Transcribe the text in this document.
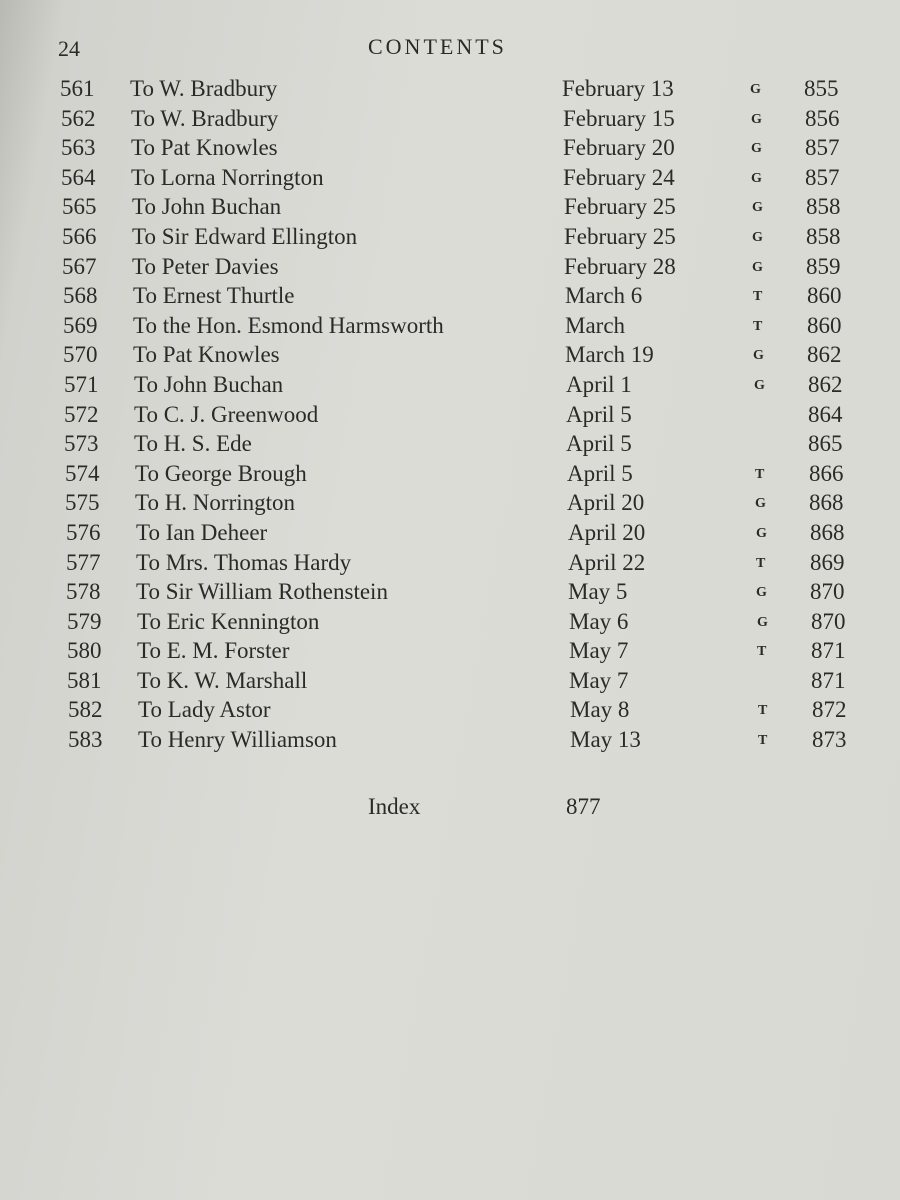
24	CONTENTS
561 To W. Bradbury	February 13	G 855
562 To W. Bradbury	February 15	G 856
563 To Pat Knowles	February 20	G 857
564 To Lorna Norrington	February 24	G 857
565 To John Buchan	February 25	G 858
566 To Sir Edward Ellington	February 25	G 858
567 To Peter Davies	February 28	G 859
568 To Ernest Thurtle	March 6	T 860
569 To the Hon. Esmond Harmsworth	March	T 860
570 To Pat Knowles	March 19	G 862
571 To John Buchan	April 1	G 862
572 To C. J. Greenwood	April 5	864
573 To H. S. Ede	April 5	865
574 To George Brough	April 5	T 866
575 To H. Norrington	April 20	G 868
576 To Ian Deheer	April 20	G 868
577 To Mrs. Thomas Hardy	April 22	T 869
578 To Sir William Rothenstein	May 5	G 870
579 To Eric Kennington	May 6	G 870
580 To E. M. Forster	May 7	T 871
581 To K. W. Marshall	May 7	871
582 To Lady Astor	May 8	T 872
583 To Henry Williamson	May 13	T 873
Index	877
